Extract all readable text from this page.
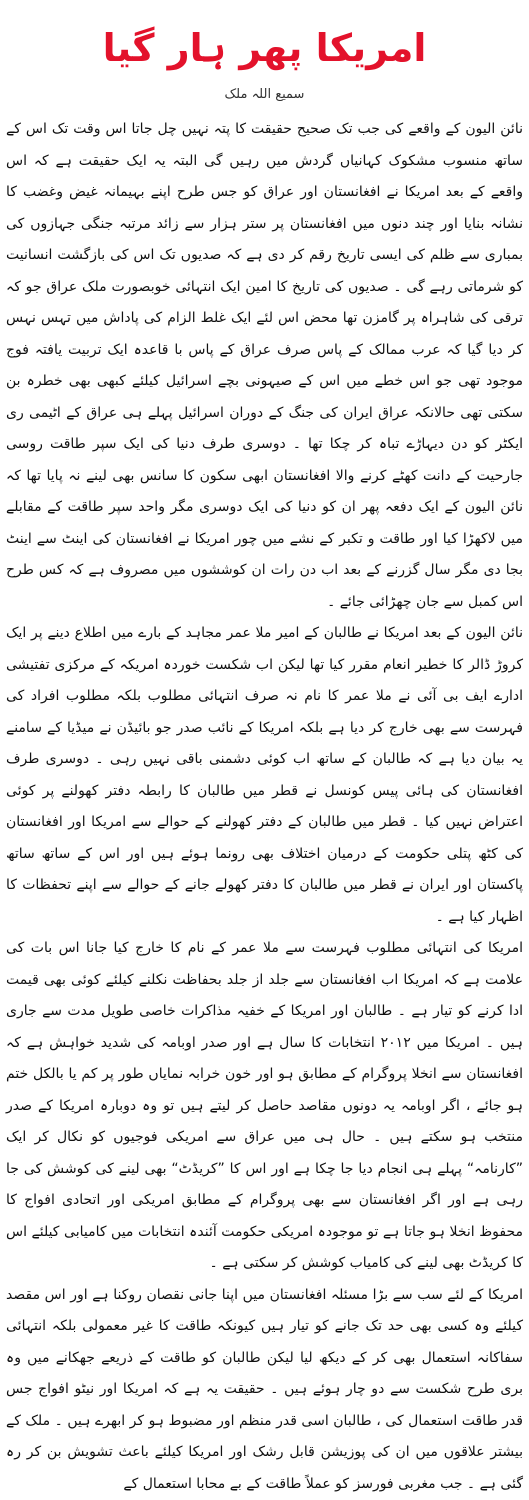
امریکا پھر ہار گیا
سمیع اللہ ملک

نائن الیون کے واقعے کی جب تک صحیح حقیقت کا پتہ نہیں چل جاتا اس وقت تک اس کے ساتھ منسوب مشکوک کہانیاں گردش میں رہیں گی البتہ یہ ایک حقیقت ہے کہ اس واقعے کے بعد امریکا نے افغانستان اور عراق کو جس طرح اپنے بہیمانہ غیض وغضب کا نشانہ بنایا اور چند دنوں میں افغانستان پر ستر ہزار سے زائد مرتبہ جنگی جہازوں کی بمباری سے ظلم کی ایسی تاریخ رقم کر دی ہے کہ صدیوں تک اس کی بازگشت انسانیت کو شرماتی رہے گی ۔ صدیوں کی تاریخ کا امین ایک انتہائی خوبصورت ملک عراق جو کہ ترقی کی شاہراہ پر گامزن تھا محض اس لئے ایک غلط الزام کی پاداش میں تہس نہس کر دیا گیا کہ عرب ممالک کے پاس صرف عراق کے پاس با قاعدہ ایک تربیت یافتہ فوج موجود تھی جو اس خطے میں اس کے صیہونی بچے اسرائیل کیلئے کبھی بھی خطرہ بن سکتی تھی حالانکہ عراق ایران کی جنگ کے دوران اسرائیل پہلے ہی عراق کے اٹیمی ری ایکٹر کو دن دیہاڑے تباہ کر چکا تھا ۔ دوسری طرف دنیا کی ایک سپر طاقت روسی جارحیت کے دانت کھٹے کرنے والا افغانستان ابھی سکون کا سانس بھی لینے نہ پایا تھا کہ نائن الیون کے ایک دفعہ پھر ان کو دنیا کی ایک دوسری مگر واحد سپر طاقت کے مقابلے میں لاکھڑا کیا اور طاقت و تکبر کے نشے میں چور امریکا نے افغانستان کی اینٹ سے اینٹ بجا دی مگر سال گزرنے کے بعد اب دن رات ان کوششوں میں مصروف ہے کہ کس طرح اس کمبل سے جان چھڑائی جائے ۔

نائن الیون کے بعد امریکا نے طالبان کے امیر ملا عمر مجاہد کے بارے میں اطلاع دینے پر ایک کروڑ ڈالر کا خطیر انعام مقرر کیا تھا لیکن اب شکست خوردہ امریکہ کے مرکزی تفتیشی ادارے ایف بی آئی نے ملا عمر کا نام نہ صرف انتہائی مطلوب بلکہ مطلوب افراد کی فہرست سے بھی خارج کر دیا ہے بلکہ امریکا کے نائب صدر جو بائیڈن نے میڈیا کے سامنے یہ بیان دیا ہے کہ طالبان کے ساتھ اب کوئی دشمنی باقی نہیں رہی ۔ دوسری طرف افغانستان کی ہائی پیس کونسل نے قطر میں طالبان کا رابطہ دفتر کھولنے پر کوئی اعتراض نہیں کیا ۔ قطر میں طالبان کے دفتر کھولنے کے حوالے سے امریکا اور افغانستان کی کٹھ پتلی حکومت کے درمیان اختلاف بھی رونما ہوئے ہیں اور اس کے ساتھ ساتھ پاکستان اور ایران نے قطر میں طالبان کا دفتر کھولے جانے کے حوالے سے اپنے تحفظات کا اظہار کیا ہے ۔

امریکا کی انتہائی مطلوب فہرست سے ملا عمر کے نام کا خارج کیا جانا اس بات کی علامت ہے کہ امریکا اب افغانستان سے جلد از جلد بحفاظت نکلنے کیلئے کوئی بھی قیمت ادا کرنے کو تیار ہے ۔ طالبان اور امریکا کے خفیہ مذاکرات خاصی طویل مدت سے جاری ہیں ۔ امریکا میں ۲۰۱۲ انتخابات کا سال ہے اور صدر اوبامہ کی شدید خواہش ہے کہ افغانستان سے انخلا پروگرام کے مطابق ہو اور خون خرابہ نمایاں طور پر کم یا بالکل ختم ہو جائے ، اگر اوبامہ یہ دونوں مقاصد حاصل کر لیتے ہیں تو وہ دوبارہ امریکا کے صدر منتخب ہو سکتے ہیں ۔ حال ہی میں عراق سے امریکی فوجیوں کو نکال کر ایک ”کارنامہ“ پہلے ہی انجام دیا جا چکا ہے اور اس کا ”کریڈٹ“ بھی لینے کی کوشش کی جا رہی ہے اور اگر افغانستان سے بھی پروگرام کے مطابق امریکی اور اتحادی افواج کا محفوظ انخلا ہو جاتا ہے تو موجودہ امریکی حکومت آئندہ انتخابات میں کامیابی کیلئے اس کا کریڈٹ بھی لینے کی کامیاب کوشش کر سکتی ہے ۔

امریکا کے لئے سب سے بڑا مسئلہ افغانستان میں اپنا جانی نقصان روکنا ہے اور اس مقصد کیلئے وہ کسی بھی حد تک جانے کو تیار ہیں کیونکہ طاقت کا غیر معمولی بلکہ انتہائی سفاکانہ استعمال بھی کر کے دیکھ لیا لیکن طالبان کو طاقت کے ذریعے جھکانے میں وہ بری طرح شکست سے دو چار ہوئے ہیں ۔ حقیقت یہ ہے کہ امریکا اور نیٹو افواج جس قدر طاقت استعمال کی ، طالبان اسی قدر منظم اور مضبوط ہو کر ابھرے ہیں ۔ ملک کے بیشتر علاقوں میں ان کی پوزیشن قابل رشک اور امریکا کیلئے باعث تشویش بن کر رہ گئی ہے ۔ جب مغربی فورسز کو عملاً طاقت کے بے محابا استعمال کے
